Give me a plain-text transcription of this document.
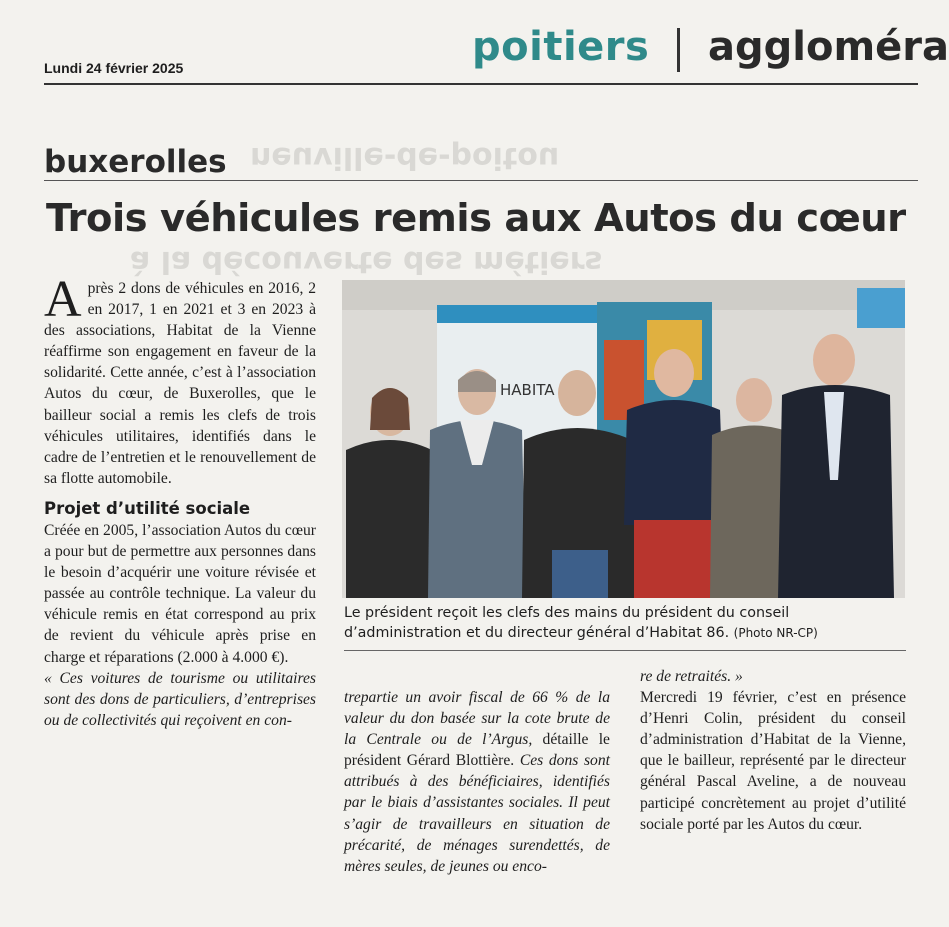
Lundi 24 février 2025	poitiers aggloméra
neuville-de-poitou
à la découverte des métiers
buxerolles
Trois véhicules remis aux Autos du cœur

Après 2 dons de véhicules en 2016, 2 en 2017, 1 en 2021 et 3 en 2023 à des associations, Habitat de la Vienne réaffirme son engagement en faveur de la solidarité. Cette année, c’est à l’association Autos du cœur, de Buxerolles, que le bailleur social a remis les clefs de trois véhicules utilitaires, identifiés dans le cadre de l’entretien et le renouvellement de sa flotte automobile.

Projet d’utilité sociale

Créée en 2005, l’association Autos du cœur a pour but de permettre aux personnes dans le besoin d’acquérir une voiture révisée et passée au contrôle technique. La valeur du véhicule remis en état correspond au prix de revient du véhicule après prise en charge et réparations (2.000 à 4.000 €).

« Ces voitures de tourisme ou utilitaires sont des dons de particuliers, d’entreprises ou de collectivités qui reçoivent en con-

HABITA
Le président reçoit les clefs des mains du président du conseil d’administration et du directeur général d’Habitat 86. (Photo NR-CP)

trepartie un avoir fiscal de 66 % de la valeur du don basée sur la cote brute de la Centrale ou de l’Argus, détaille le président Gérard Blottière. Ces dons sont attribués à des bénéficiaires, identifiés par le biais d’assistantes sociales. Il peut s’agir de travailleurs en situation de précarité, de ménages surendettés, de mères seules, de jeunes ou enco-

re de retraités. »

Mercredi 19 février, c’est en présence d’Henri Colin, président du conseil d’administration d’Habitat de la Vienne, que le bailleur, représenté par le directeur général Pascal Aveline, a de nouveau participé concrètement au projet d’utilité sociale porté par les Autos du cœur.
